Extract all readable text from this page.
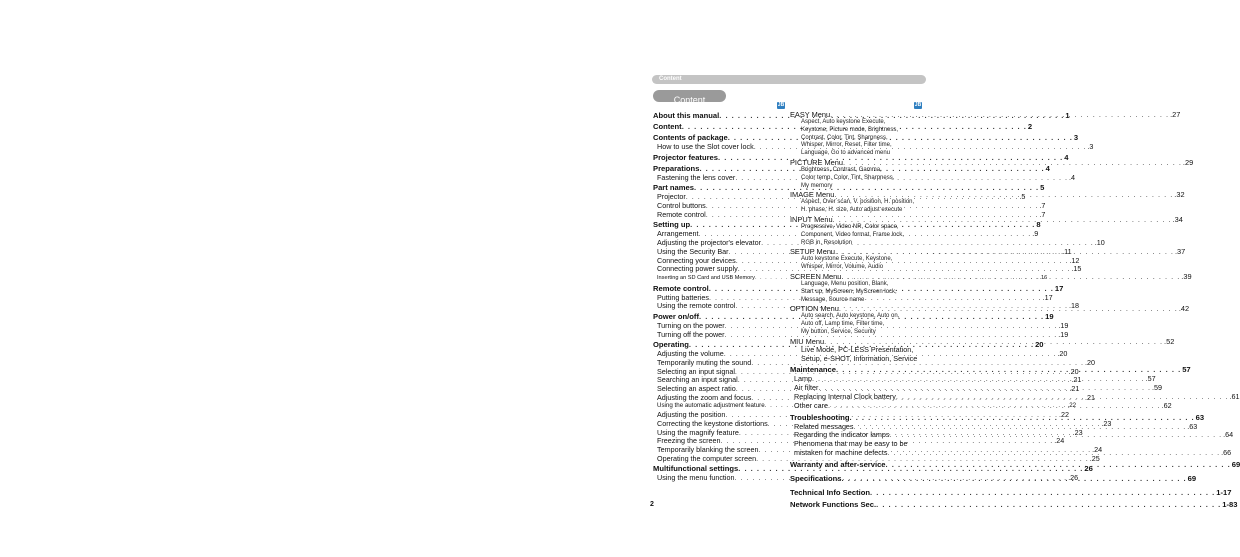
Content
Content	JB	JB
About this manual . . .	1
Content . . .	2
Contents of package . . .	3
How to use the Slot cover lock . . .	.3
Projector features . . .	4
Preparations . . .	4
Fastening the lens cover . . .	.4
Part names . . .	5
Projector . . .	.5
Control buttons . . .	.7
Remote control . . .	.7
Setting up . . .	8
Arrangement . . .	.9
Adjusting the projector's elevator . . .	.10
Using the Security Bar . . .	.11
Connecting your devices . . .	.12
Connecting power supply . . .	.15
Inserting an SD Card and USB Memory . . .	.16
Remote control . . .	17
Putting batteries . . .	.17
Using the remote control . . .	.18
Power on/off . . .	19
Turning on the power . . .	.19
Turning off the power . . .	.19
Operating . . .	20
Adjusting the volume . . .	.20
Temporarily muting the sound . . .	.20
Selecting an input signal . . .	.20
Searching an input signal . . .	.21
Selecting an aspect ratio . . .	.21
Adjusting the zoom and focus . . .	.21
Using the automatic adjustment feature . . .	.22
Adjusting the position . . .	.22
Correcting the keystone distortions . . .	.23
Using the magnify feature . . .	.23
Freezing the screen . . .	.24
Temporarily blanking the screen . . .	.24
Operating the computer screen . . .	.25
Multifunctional settings . . .	26
Using the menu function . . .	.26
EASY Menu . . .	.27
Aspect, Auto keystone Execute,
Keystone, Picture mode, Brightness,
Contrast, Color, Tint, Sharpness,
Whisper, Mirror, Reset, Filter time,
Language, Go to advanced menu
PICTURE Menu . . .	.29
Brightness, Contrast, Gamma,
Color temp, Color, Tint, Sharpness,
My memory
IMAGE Menu . . .	.32
Aspect, Over scan, V. position, H. position,
H. phase, H. size, Auto adjust execute
INPUT Menu . . .	.34
Progressive, Video NR, Color space,
Component, Video format, Frame lock,
RGB in, Resolution
SETUP Menu . . .	.37
Auto keystone Execute, Keystone,
Whisper, Mirror, Volume, Audio
SCREEN Menu . . .	.39
Language, Menu position, Blank,
Start up, MyScreen, MyScreen lock,
Message, Source name
OPTION Menu . . .	.42
Auto search, Auto keystone, Auto on,
Auto off, Lamp time, Filter time,
My button, Service, Security
MIU Menu . . .	.52
Live Mode, PC-LESS Presentation,
Setup, e-SHOT, Information, Service
Maintenance . . .	57
Lamp . . .	.57
Air filter . . .	.59
Replacing Internal Clock battery . . .	.61
Other care . . .	.62
Troubleshooting . . .	63
Related messages . . .	.63
Regarding the indicator lamps . . .	.64
Phenomena that may be easy to be
mistaken for machine defects . . .	.66
Warranty and after-service . . .	69
Specifications . . .	69
Technical Info Section . . .	1-17
Network Functions Sec. . . .	1-83
2
